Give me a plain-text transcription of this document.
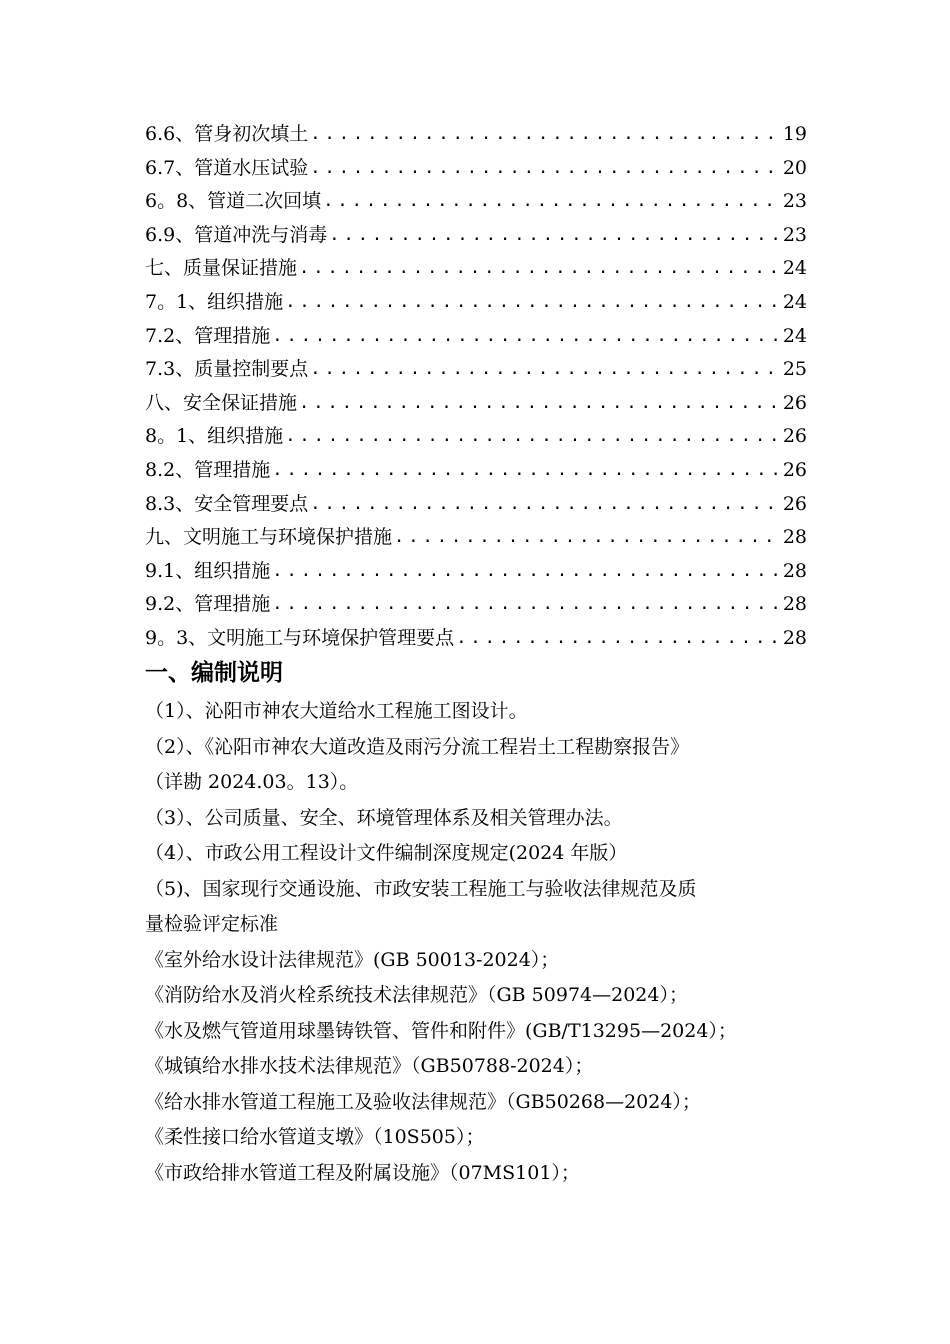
6.6、管身初次填土 .....	19
6.7、管道水压试验 .....	20
6。8、管道二次回填 .....	23
6.9、管道冲洗与消毒 .....	23
七、质量保证措施 .....	24
7。1、组织措施 .....	24
7.2、管理措施 .....	24
7.3、质量控制要点 .....	25
八、安全保证措施 .....	26
8。1、组织措施 .....	26
8.2、管理措施 .....	26
8.3、安全管理要点 .....	26
九、文明施工与环境保护措施 .....	28
9.1、组织措施 .....	28
9.2、管理措施 .....	28
9。3、文明施工与环境保护管理要点 .....	28
一、编制说明
（1）、沁阳市神农大道给水工程施工图设计。
（2）、《沁阳市神农大道改造及雨污分流工程岩土工程勘察报告》
（详勘 2024.03。13）。
（3）、公司质量、安全、环境管理体系及相关管理办法。
（4）、市政公用工程设计文件编制深度规定(2024 年版）
（5)、国家现行交通设施、市政安装工程施工与验收法律规范及质
量检验评定标准
《室外给水设计法律规范》(GB 50013-2024）；
《消防给水及消火栓系统技术法律规范》（GB 50974—2024）；
《水及燃气管道用球墨铸铁管、管件和附件》(GB/T13295—2024）；
《城镇给水排水技术法律规范》（GB50788-2024）；
《给水排水管道工程施工及验收法律规范》（GB50268—2024）；
《柔性接口给水管道支墩》（10S505）；
《市政给排水管道工程及附属设施》（07MS101）；
